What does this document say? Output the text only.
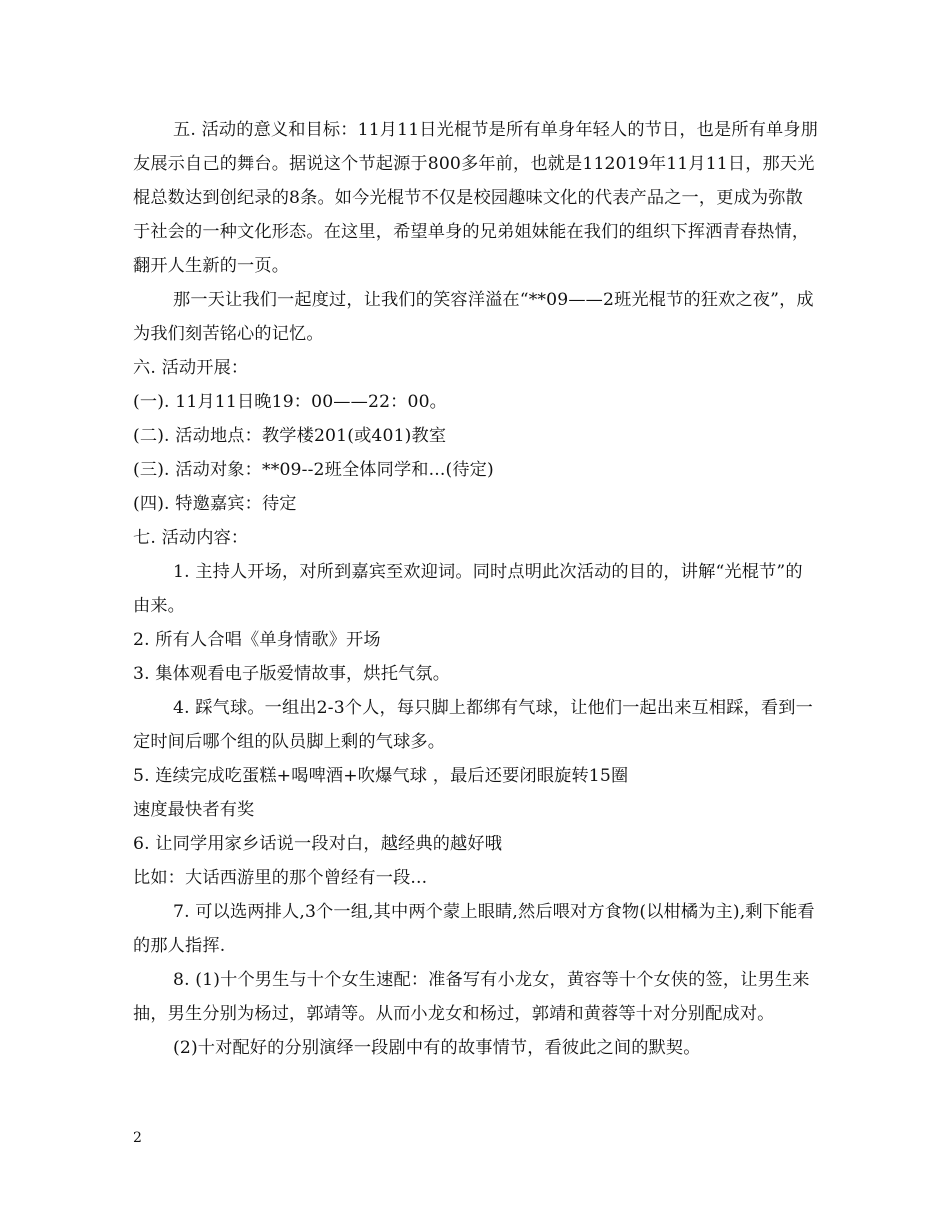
五. 活动的意义和目标：11月11日光棍节是所有单身年轻人的节日，也是所有单身朋友展示自己的舞台。据说这个节起源于800多年前，也就是112019年11月11日，那天光棍总数达到创纪录的8条。如今光棍节不仅是校园趣味文化的代表产品之一，更成为弥散于社会的一种文化形态。在这里，希望单身的兄弟姐妹能在我们的组织下挥洒青春热情，翻开人生新的一页。

那一天让我们一起度过，让我们的笑容洋溢在“**09——2班光棍节的狂欢之夜”，成为我们刻苦铭心的记忆。

六. 活动开展：

(一). 11月11日晚19：00——22：00。

(二). 活动地点：教学楼201(或401)教室

(三). 活动对象：**09--2班全体同学和...(待定)

(四). 特邀嘉宾：待定

七. 活动内容：

1. 主持人开场，对所到嘉宾至欢迎词。同时点明此次活动的目的，讲解“光棍节”的由来。

2. 所有人合唱《单身情歌》开场

3. 集体观看电子版爱情故事，烘托气氛。

4. 踩气球。一组出2-3个人，每只脚上都绑有气球，让他们一起出来互相踩，看到一定时间后哪个组的队员脚上剩的气球多。

5. 连续完成吃蛋糕+喝啤酒+吹爆气球 ，最后还要闭眼旋转15圈

速度最快者有奖

6. 让同学用家乡话说一段对白，越经典的越好哦

比如：大话西游里的那个曾经有一段...

7. 可以选两排人,3个一组,其中两个蒙上眼睛,然后喂对方食物(以柑橘为主),剩下能看的那人指挥.

8. (1)十个男生与十个女生速配：准备写有小龙女，黄容等十个女侠的签，让男生来抽，男生分别为杨过，郭靖等。从而小龙女和杨过，郭靖和黄蓉等十对分别配成对。

(2)十对配好的分别演绎一段剧中有的故事情节，看彼此之间的默契。

2
